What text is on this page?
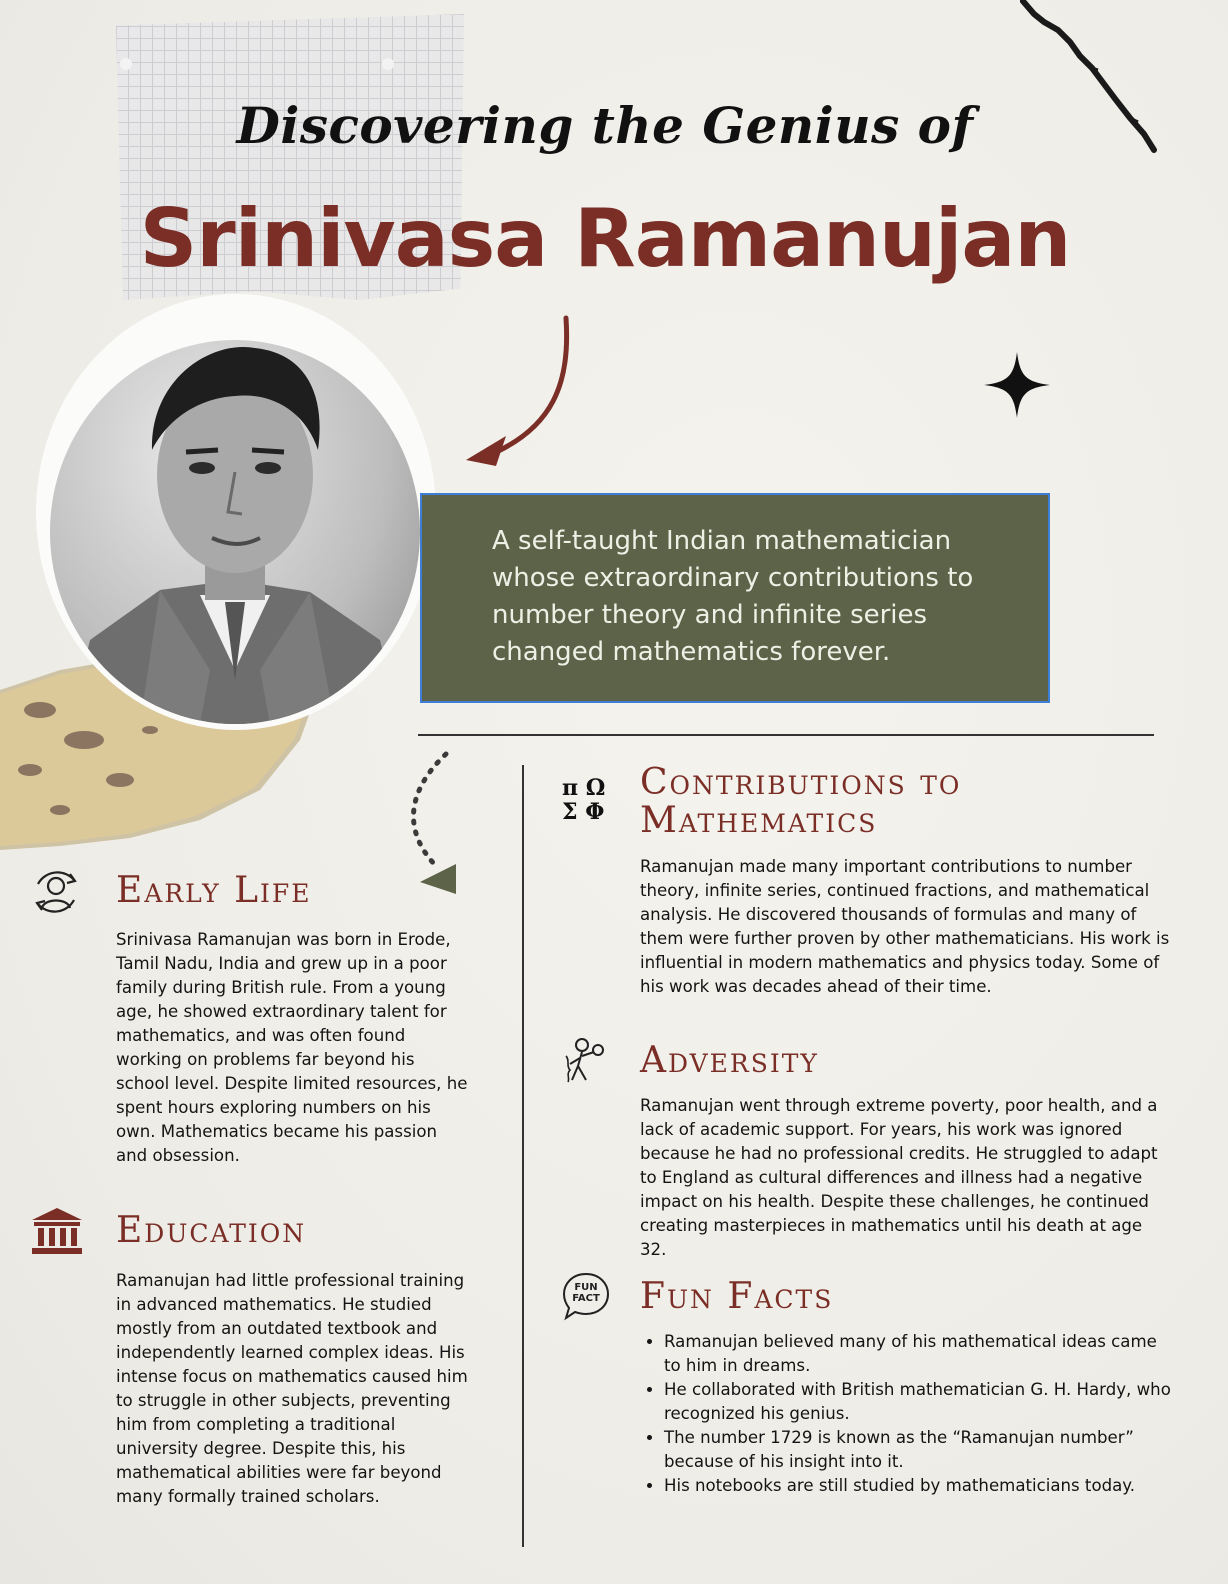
Discovering the Genius of
Srinivasa Ramanujan
A self-taught Indian mathematician whose extraordinary contributions to number theory and infinite series changed mathematics forever.
Early Life
Srinivasa Ramanujan was born in Erode, Tamil Nadu, India and grew up in a poor family during British rule. From a young age, he showed extraordinary talent for mathematics, and was often found working on problems far beyond his school level. Despite limited resources, he spent hours exploring numbers on his own. Mathematics became his passion and obsession.
Education
Ramanujan had little professional training in advanced mathematics. He studied mostly from an outdated textbook and independently learned complex ideas. His intense focus on mathematics caused him to struggle in other subjects, preventing him from completing a traditional university degree. Despite this, his mathematical abilities were far beyond many formally trained scholars.
π Ω
Σ Φ
Contributions to
Mathematics
Ramanujan made many important contributions to number theory, infinite series, continued fractions, and mathematical analysis. He discovered thousands of formulas and many of them were further proven by other mathematicians. His work is influential in modern mathematics and physics today. Some of his work was decades ahead of their time.
Adversity
Ramanujan went through extreme poverty, poor health, and a lack of academic support. For years, his work was ignored because he had no professional credits. He struggled to adapt to England as cultural differences and illness had a negative impact on his health. Despite these challenges, he continued creating masterpieces in mathematics until his death at age 32.
FUN
FACT	Fun Facts
• Ramanujan believed many of his mathematical ideas came to him in dreams.
• He collaborated with British mathematician G. H. Hardy, who recognized his genius.
• The number 1729 is known as the “Ramanujan number” because of his insight into it.
• His notebooks are still studied by mathematicians today.
